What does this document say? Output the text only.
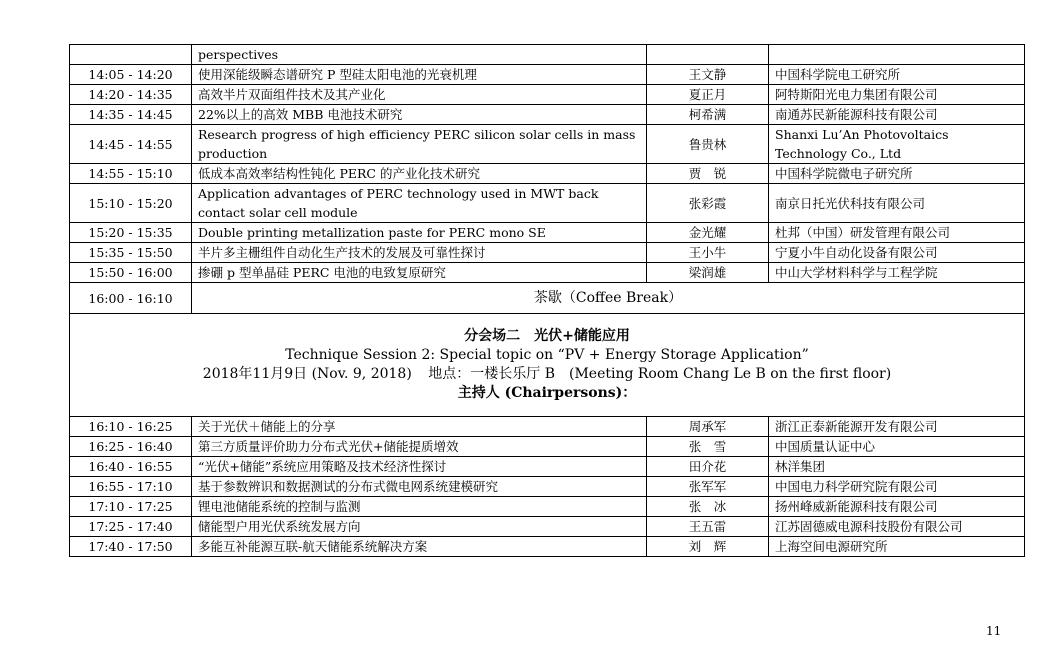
	perspectives		
14:05 - 14:20	使用深能级瞬态谱研究 P 型硅太阳电池的光衰机理	王文静	中国科学院电工研究所
14:20 - 14:35	高效半片双面组件技术及其产业化	夏正月	阿特斯阳光电力集团有限公司
14:35 - 14:45	22%以上的高效 MBB 电池技术研究	柯希满	南通苏民新能源科技有限公司
14:45 - 14:55	Research progress of high efficiency PERC silicon solar cells in mass production	鲁贵林	Shanxi Lu’An Photovoltaics Technology Co., Ltd
14:55 - 15:10	低成本高效率结构性钝化 PERC 的产业化技术研究	贾　锐	中国科学院微电子研究所
15:10 - 15:20	Application advantages of PERC technology used in MWT back contact solar cell module	张彩霞	南京日托光伏科技有限公司
15:20 - 15:35	Double printing metallization paste for PERC mono SE	金光耀	杜邦（中国）研发管理有限公司
15:35 - 15:50	半片多主栅组件自动化生产技术的发展及可靠性探讨	王小牛	宁夏小牛自动化设备有限公司
15:50 - 16:00	掺硼 p 型单晶硅 PERC 电池的电致复原研究	梁润雄	中山大学材料科学与工程学院
16:00 - 16:10	茶歇（Coffee Break）		

分会场二　光伏+储能应用
Technique Session 2: Special topic on “PV + Energy Storage Application”
2018年11月9日 (Nov. 9, 2018) 地点：一楼长乐厅 B　(Meeting Room Chang Le B on the first floor)
主持人 (Chairpersons)：			

16:10 - 16:25	关于光伏＋储能上的分享	周承军	浙江正泰新能源开发有限公司
16:25 - 16:40	第三方质量评价助力分布式光伏+储能提质增效	张　雪	中国质量认证中心
16:40 - 16:55	“光伏+储能”系统应用策略及技术经济性探讨	田介花	林洋集团
16:55 - 17:10	基于参数辨识和数据测试的分布式微电网系统建模研究	张军军	中国电力科学研究院有限公司
17:10 - 17:25	锂电池储能系统的控制与监测	张　冰	扬州峰威新能源科技有限公司
17:25 - 17:40	储能型户用光伏系统发展方向	王五雷	江苏固德威电源科技股份有限公司
17:40 - 17:50	多能互补能源互联-航天储能系统解决方案	刘　辉	上海空间电源研究所
11
